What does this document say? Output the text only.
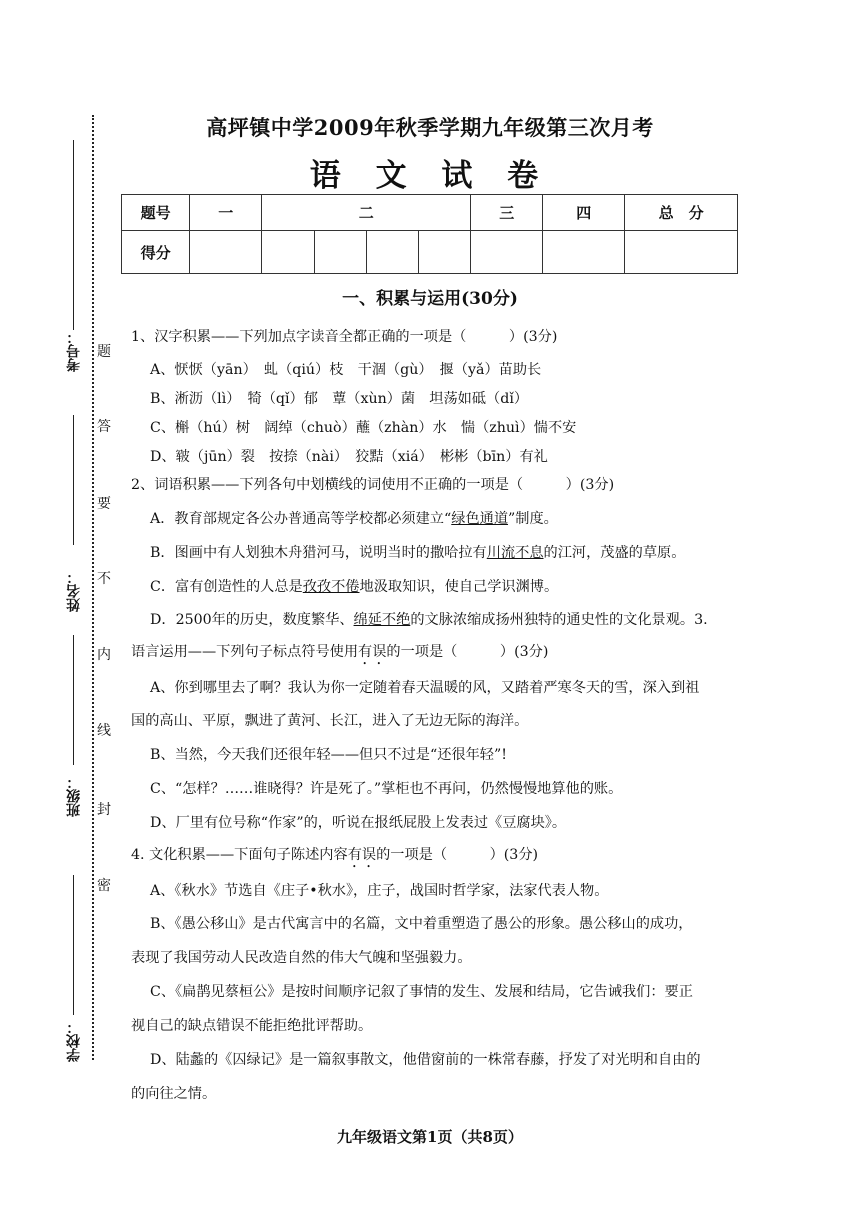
考号：
姓名：
班级：
学校：
题
答
要
不
内
线
封
密
高坪镇中学2009年秋季学期九年级第三次月考
语 文 试 卷
题号	一	二				三	四	总　分
得分								
一、积累与运用(30分)
1、汉字积累——下列加点字读音全都正确的一项是（　　　）(3分)
A、恹恹（yān）　虬（qiú）枝　干涸（gù）　揠（yǎ）苗助长
B、淅沥（lì）　犄（qǐ）郁　蕈（xùn）菌　坦荡如砥（dǐ）
C、槲（hú）树　阔绰（chuò）蘸（zhàn）水　惴（zhuì）惴不安
D、皲（jūn）裂　按捺（nài）　狡黠（xiá）　彬彬（bīn）有礼
2、词语积累——下列各句中划横线的词使用不正确的一项是（　　　）(3分)
A．教育部规定各公办普通高等学校都必须建立“绿色通道”制度。
B．图画中有人划独木舟猎河马，说明当时的撒哈拉有川流不息的江河，茂盛的草原。
C．富有创造性的人总是孜孜不倦地汲取知识，使自己学识渊博。
D．2500年的历史，数度繁华、绵延不绝的文脉浓缩成扬州独特的通史性的文化景观。3.
语言运用——下列句子标点符号使用有误的一项是（　　　）(3分)
A、你到哪里去了啊？我认为你一定随着春天温暖的风，又踏着严寒冬天的雪，深入到祖
国的高山、平原，飘进了黄河、长江，进入了无边无际的海洋。
B、当然，今天我们还很年轻——但只不过是“还很年轻”!
C、“怎样？……谁晓得？许是死了。”掌柜也不再问，仍然慢慢地算他的账。
D、厂里有位号称“作家”的，听说在报纸屁股上发表过《豆腐块》。
4. 文化积累——下面句子陈述内容有误的一项是（　　　）(3分)
A、《秋水》节选自《庄子•秋水》，庄子，战国时哲学家，法家代表人物。
B、《愚公移山》是古代寓言中的名篇，文中着重塑造了愚公的形象。愚公移山的成功，
表现了我国劳动人民改造自然的伟大气魄和坚强毅力。
C、《扁鹊见蔡桓公》是按时间顺序记叙了事情的发生、发展和结局，它告诫我们：要正
视自己的缺点错误不能拒绝批评帮助。
D、陆蠡的《囚绿记》是一篇叙事散文，他借窗前的一株常春藤，抒发了对光明和自由的
的向往之情。
九年级语文第1页（共8页）
